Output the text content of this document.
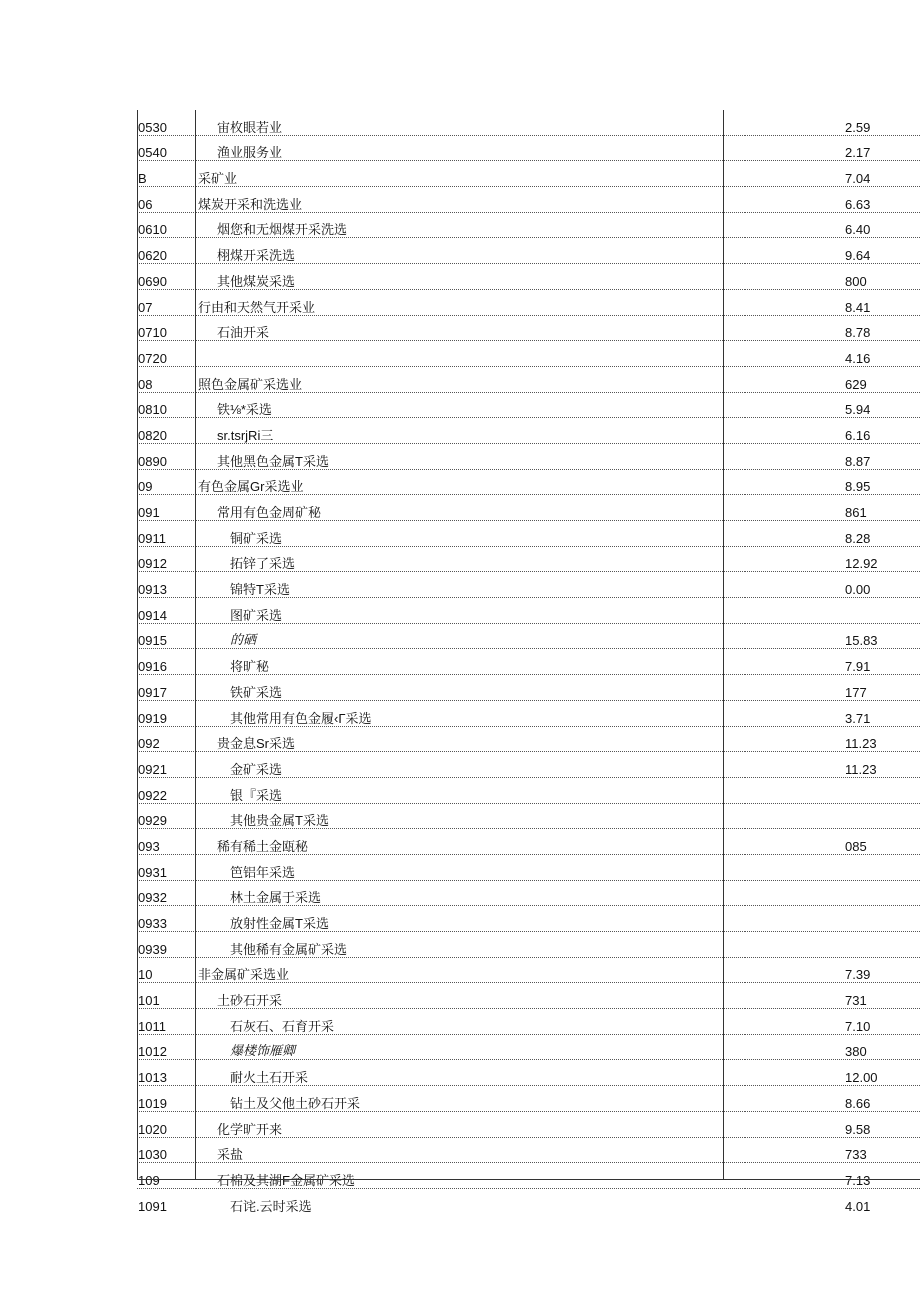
0530	宙枚眼若业	2.59
0540	渔业服务业	2.17
B	采矿业	7.04
06	煤炭开采和洗选业	6.63
0610	烟您和无烟煤开采洗选	6.40
0620	栩煤开采洗选	9.64
0690	其他煤炭采选	800
07	行由和天然气开采业	8.41
0710	石油开采	8.78
0720		4.16
08	照色金属矿采选业	629
0810	铁⅛*采选	5.94
0820	sr.tsrjRi三	6.16
0890	其他黑色金属T采选	8.87
09	有色金属Gr采选业	8.95
091	常用有色金周矿秘	861
0911	铜矿采选	8.28
0912	拓锌了采选	12.92
0913	锦特T采选	0.00
0914	图矿采选	
0915	的硒	15.83
0916	将旷秘	7.91
0917	铁矿采选	177
0919	其他常用有色金履‹Γ采选	3.71
092	贵金息Sr采选	11.23
0921	金矿采选	11.23
0922	银『采选	
0929	其他贵金属T采选	
093	稀有稀土金瓯秘	085
0931	笆铝年采选	
0932	林土金属于采选	
0933	放射性金属T采选	
0939	其他稀有金属矿采选	
10	非金属矿采选业	7.39
101	土砂石开采	731
1011	石灰石、石育开采	7.10
1012	爆楼饰雁卿	380
1013	耐火土石开采	12.00
1019	钻土及父他土砂石开采	8.66
1020	化学旷开来	9.58
1030	采盐	733
109	石棉及其湖F金属矿采选	7.13
1091	石诧.云时采选	4.01
